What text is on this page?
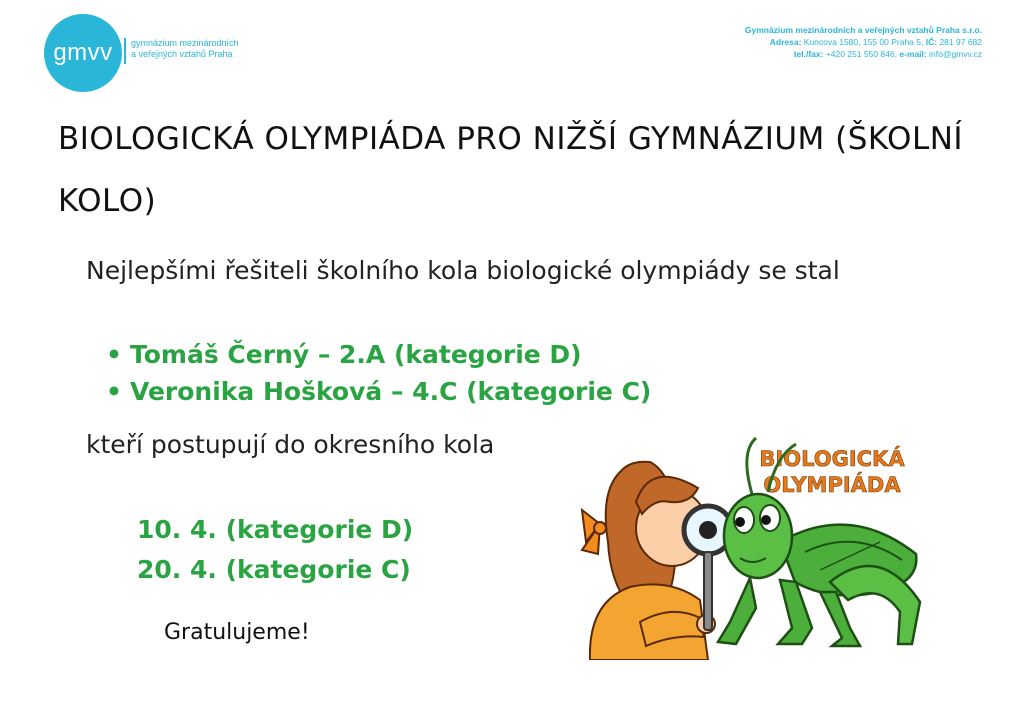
gmvv gymnázium mezinárodních
a veřejných vztahů Praha
Gymnázium mezinárodních a veřejných vztahů Praha s.r.o.
Adresa: Kuncova 1580, 155 00 Praha 5, IČ: 281 97 682
tel./fax: +420 251 550 846, e-mail: info@gmvv.cz
BIOLOGICKÁ OLYMPIÁDA PRO NIŽŠÍ GYMNÁZIUM (ŠKOLNÍ KOLO)
Nejlepšími řešiteli školního kola biologické olympiády se stal
• Tomáš Černý – 2.A (kategorie D)
• Veronika Hošková – 4.C (kategorie C)
kteří postupují do okresního kola
10. 4. (kategorie D)
20. 4. (kategorie C)
Gratulujeme!
BIOLOGICKÁ
OLYMPIÁDA
